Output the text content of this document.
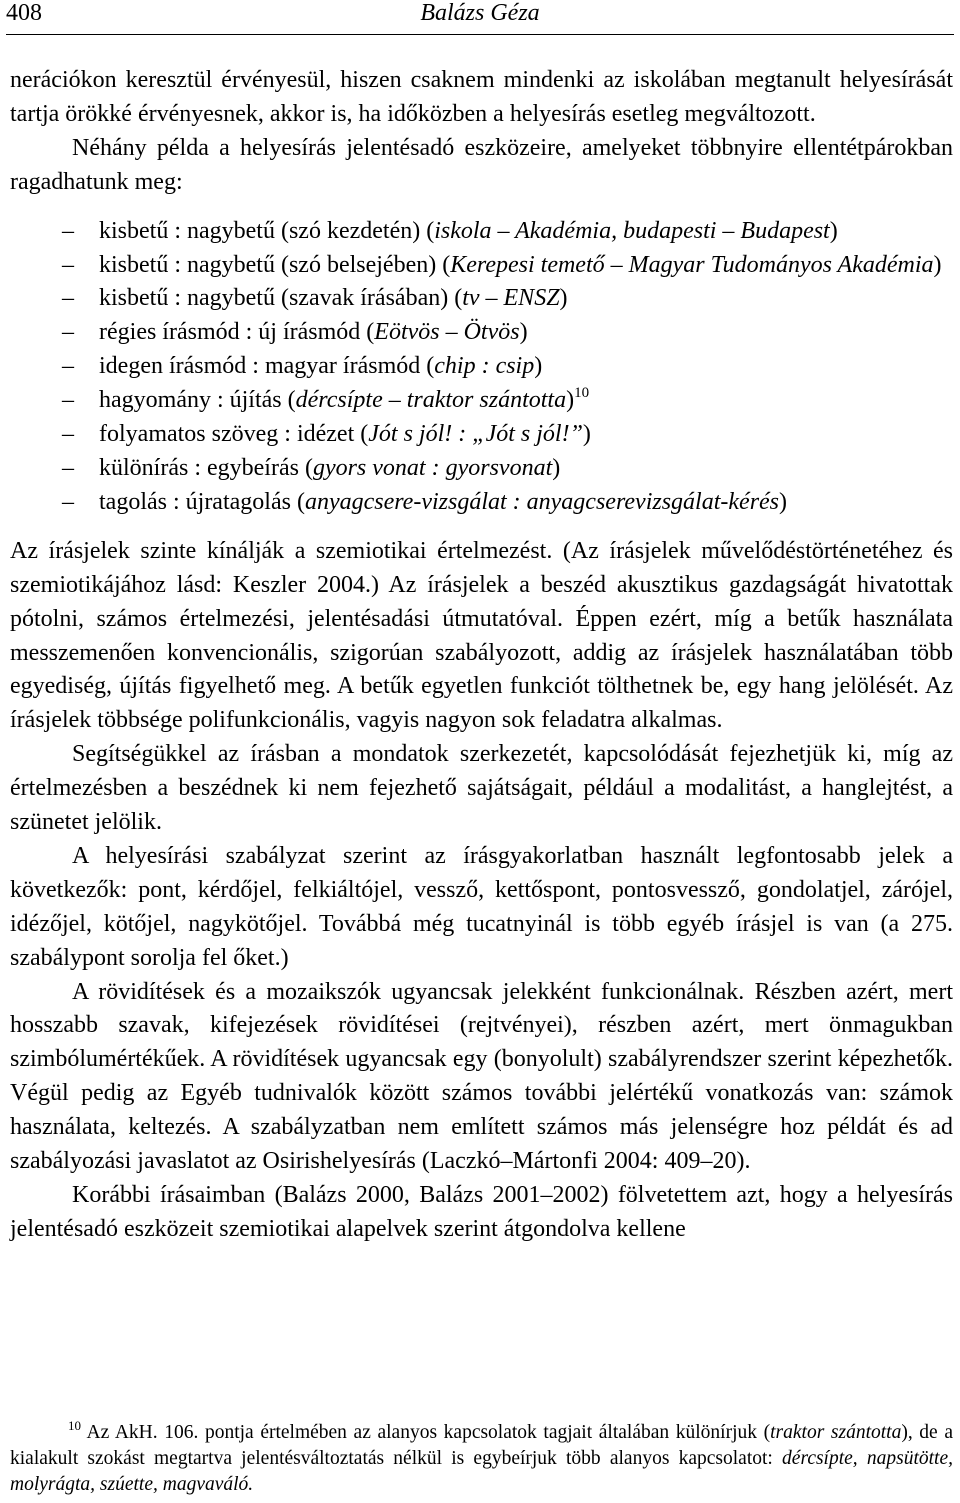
408	Balázs Géza

nerációkon keresztül érvényesül, hiszen csaknem mindenki az iskolában megtanult helyesírását tartja örökké érvényesnek, akkor is, ha időközben a helyesírás esetleg megváltozott.

Néhány példa a helyesírás jelentésadó eszközeire, amelyeket többnyire ellentétpárokban ragadhatunk meg:

– kisbetű : nagybetű (szó kezdetén) (iskola – Akadémia, budapesti – Budapest)

– kisbetű : nagybetű (szó belsejében) (Kerepesi temető – Magyar Tudományos Akadémia)

– kisbetű : nagybetű (szavak írásában) (tv – ENSZ)

– régies írásmód : új írásmód (Eötvös – Ötvös)

– idegen írásmód : magyar írásmód (chip : csip)

– hagyomány : újítás (dércsípte – traktor szántotta)$^{10}$

– folyamatos szöveg : idézet (Jót s jól! : „Jót s jól!”)

– különírás : egybeírás (gyors vonat : gyorsvonat)

– tagolás : újratagolás (anyagcsere-vizsgálat : anyagcserevizsgálat-kérés)

Az írásjelek szinte kínálják a szemiotikai értelmezést. (Az írásjelek művelődéstörténetéhez és szemiotikájához lásd: Keszler 2004.) Az írásjelek a beszéd akusztikus gazdagságát hivatottak pótolni, számos értelmezési, jelentésadási útmutatóval. Éppen ezért, míg a betűk használata messzemenően konvencionális, szigorúan szabályozott, addig az írásjelek használatában több egyediség, újítás figyelhető meg. A betűk egyetlen funkciót tölthetnek be, egy hang jelölését. Az írásjelek többsége polifunkcionális, vagyis nagyon sok feladatra alkalmas.

Segítségükkel az írásban a mondatok szerkezetét, kapcsolódását fejezhetjük ki, míg az értelmezésben a beszédnek ki nem fejezhető sajátságait, például a modalitást, a hanglejtést, a szünetet jelölik.

A helyesírási szabályzat szerint az írásgyakorlatban használt legfontosabb jelek a következők: pont, kérdőjel, felkiáltójel, vessző, kettőspont, pontosvessző, gondolatjel, zárójel, idézőjel, kötőjel, nagykötőjel. Továbbá még tucatnyinál is több egyéb írásjel is van (a 275. szabálypont sorolja fel őket.)

A rövidítések és a mozaikszók ugyancsak jelekként funkcionálnak. Részben azért, mert hosszabb szavak, kifejezések rövidítései (rejtvényei), részben azért, mert önmagukban szimbólumértékűek. A rövidítések ugyancsak egy (bonyolult) szabályrendszer szerint képezhetők. Végül pedig az Egyéb tudnivalók között számos további jelértékű vonatkozás van: számok használata, keltezés. A szabályzatban nem említett számos más jelenségre hoz példát és ad szabályozási javaslatot az Osirishelyesírás (Laczkó–Mártonfi 2004: 409–20).

Korábbi írásaimban (Balázs 2000, Balázs 2001–2002) fölvetettem azt, hogy a helyesírás jelentésadó eszközeit szemiotikai alapelvek szerint átgondolva kellene

$^{10}$ Az AkH. 106. pontja értelmében az alanyos kapcsolatok tagjait általában különírjuk (traktor szántotta), de a kialakult szokást megtartva jelentésváltoztatás nélkül is egybeírjuk több alanyos kapcsolatot: dércsípte, napsütötte, molyrágta, szúette, magvaváló.
